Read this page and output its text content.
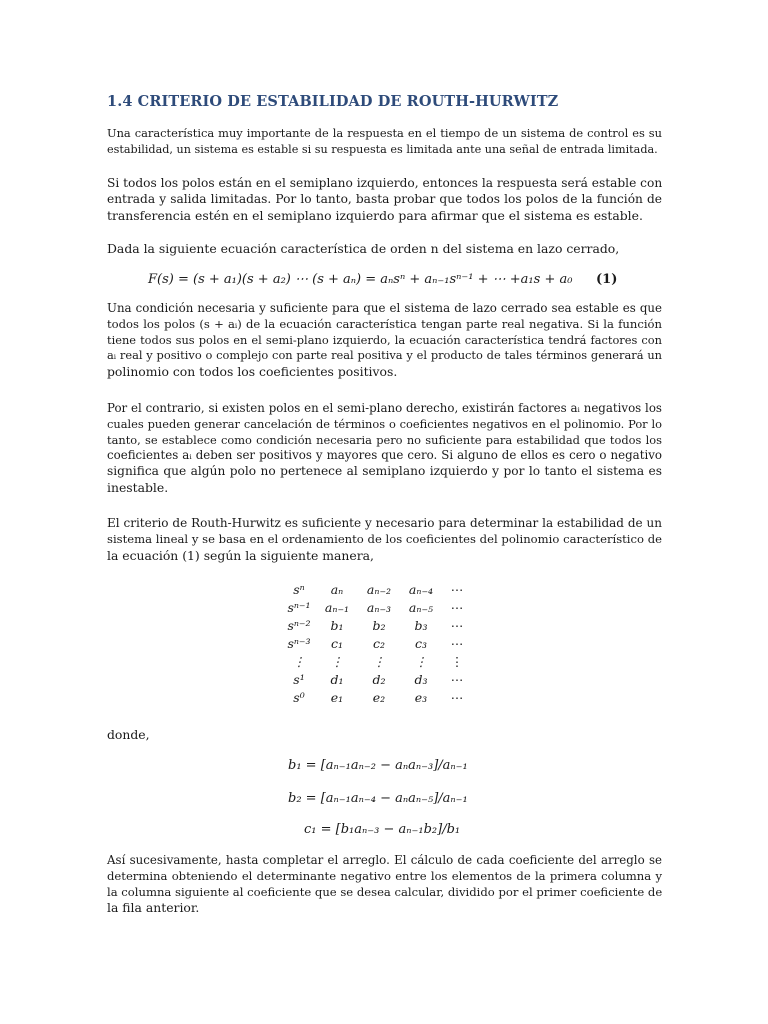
1.4 CRITERIO DE ESTABILIDAD DE ROUTH-HURWITZ

Una característica muy importante de la respuesta en el tiempo de un sistema de control es su
estabilidad, un sistema es estable si su respuesta es limitada ante una señal de entrada limitada.

Si todos los polos están en el semiplano izquierdo, entonces la respuesta será estable con
entrada y salida limitadas. Por lo tanto, basta probar que todos los polos de la función de
transferencia estén en el semiplano izquierdo para afirmar que el sistema es estable.

Dada la siguiente ecuación característica de orden n del sistema en lazo cerrado,

F(s) = (s + a₁)(s + a₂) ⋯ (s + aₙ) = aₙsⁿ + aₙ₋₁sⁿ⁻¹ + ⋯ +a₁s + a₀ (1)

Una condición necesaria y suficiente para que el sistema de lazo cerrado sea estable es que
todos los polos (s + aᵢ) de la ecuación característica tengan parte real negativa. Si la función
tiene todos sus polos en el semi-plano izquierdo, la ecuación característica tendrá factores con
aᵢ real y positivo o complejo con parte real positiva y el producto de tales términos generará un
polinomio con todos los coeficientes positivos.

Por el contrario, si existen polos en el semi-plano derecho, existirán factores aᵢ negativos los
cuales pueden generar cancelación de términos o coeficientes negativos en el polinomio. Por lo
tanto, se establece como condición necesaria pero no suficiente para estabilidad que todos los
coeficientes aᵢ deben ser positivos y mayores que cero. Si alguno de ellos es cero o negativo
significa que algún polo no pertenece al semiplano izquierdo y por lo tanto el sistema es
inestable.

El criterio de Routh-Hurwitz es suficiente y necesario para determinar la estabilidad de un
sistema lineal y se basa en el ordenamiento de los coeficientes del polinomio característico de
la ecuación (1) según la siguiente manera,

sⁿ	aₙ	aₙ₋₂	aₙ₋₄	⋯
sⁿ⁻¹	aₙ₋₁	aₙ₋₃	aₙ₋₅	⋯
sⁿ⁻²	b₁	b₂	b₃	⋯
sⁿ⁻³	c₁	c₂	c₃	⋯
⋮	⋮	⋮	⋮	⋮
s¹	d₁	d₂	d₃	⋯
s⁰	e₁	e₂	e₃	⋯

donde,

b₁ = [aₙ₋₁aₙ₋₂ − aₙaₙ₋₃]/aₙ₋₁
b₂ = [aₙ₋₁aₙ₋₄ − aₙaₙ₋₅]/aₙ₋₁
c₁ = [b₁aₙ₋₃ − aₙ₋₁b₂]/b₁

Así sucesivamente, hasta completar el arreglo. El cálculo de cada coeficiente del arreglo se
determina obteniendo el determinante negativo entre los elementos de la primera columna y
la columna siguiente al coeficiente que se desea calcular, dividido por el primer coeficiente de
la fila anterior.
